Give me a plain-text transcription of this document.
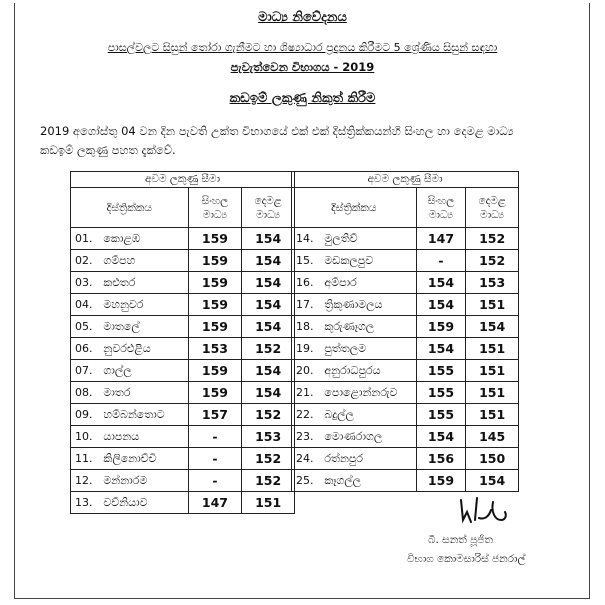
මාධ්‍ය නිවේදනය
පාසල්වලට සිසුන් තෝරා ගැනීමට හා ශිෂ්‍යාධාර ප්‍රදානය කිරීමට 5 ශ්‍රේණිය සිසුන් සඳහා
පැවැත්වෙන විභාගය - 2019
කඩඉම් ලකුණු නිකුත් කිරීම
2019 අගෝස්තු 04 වන දින පැවති උක්ත විභාගයේ එක් එක් දිස්ත්‍රික්කයන්හි සිංහල හා දෙමළ මාධ්‍ය
කඩඉම් ලකුණු පහත දැක්වේ.
අවම ලකුණු සීමා			
දිස්ත්‍රික්කය		සිංහල මාධ්‍ය	දෙමළ මාධ්‍ය
01.	කොළඹ	159	154
02.	ගම්පහ	159	154
03.	කළුතර	159	154
04.	මහනුවර	159	154
05.	මාතලේ	159	154
06.	නුවරඑළිය	153	152
07.	ගාල්ල	159	154
08.	මාතර	159	154
09.	හම්බන්තොට	157	152
10.	යාපනය	-	153
11.	කිලිනොච්චි	-	152
12.	මන්නාරම	-	152
13.	වව්නියාව	147	151
අවම ලකුණු සීමා			
දිස්ත්‍රික්කය		සිංහල මාධ්‍ය	දෙමළ මාධ්‍ය
14.	මුලතිව්	147	152
15.	මඩකලපුව	-	152
16.	අම්පාර	154	153
17.	ත්‍රිකුණාමලය	154	151
18.	කුරුණෑගල	159	154
19.	පුත්තලම	154	151
20.	අනුරාධපුරය	155	151
21.	පොළොන්නරුව	155	151
22.	බදුල්ල	155	151
23.	මොණරාගල	154	145
24.	රත්නපුර	156	150
25.	කෑගල්ල	159	154
බී. සනත් පූජිත
විභාග කොමසාරිස් ජනරාල්
